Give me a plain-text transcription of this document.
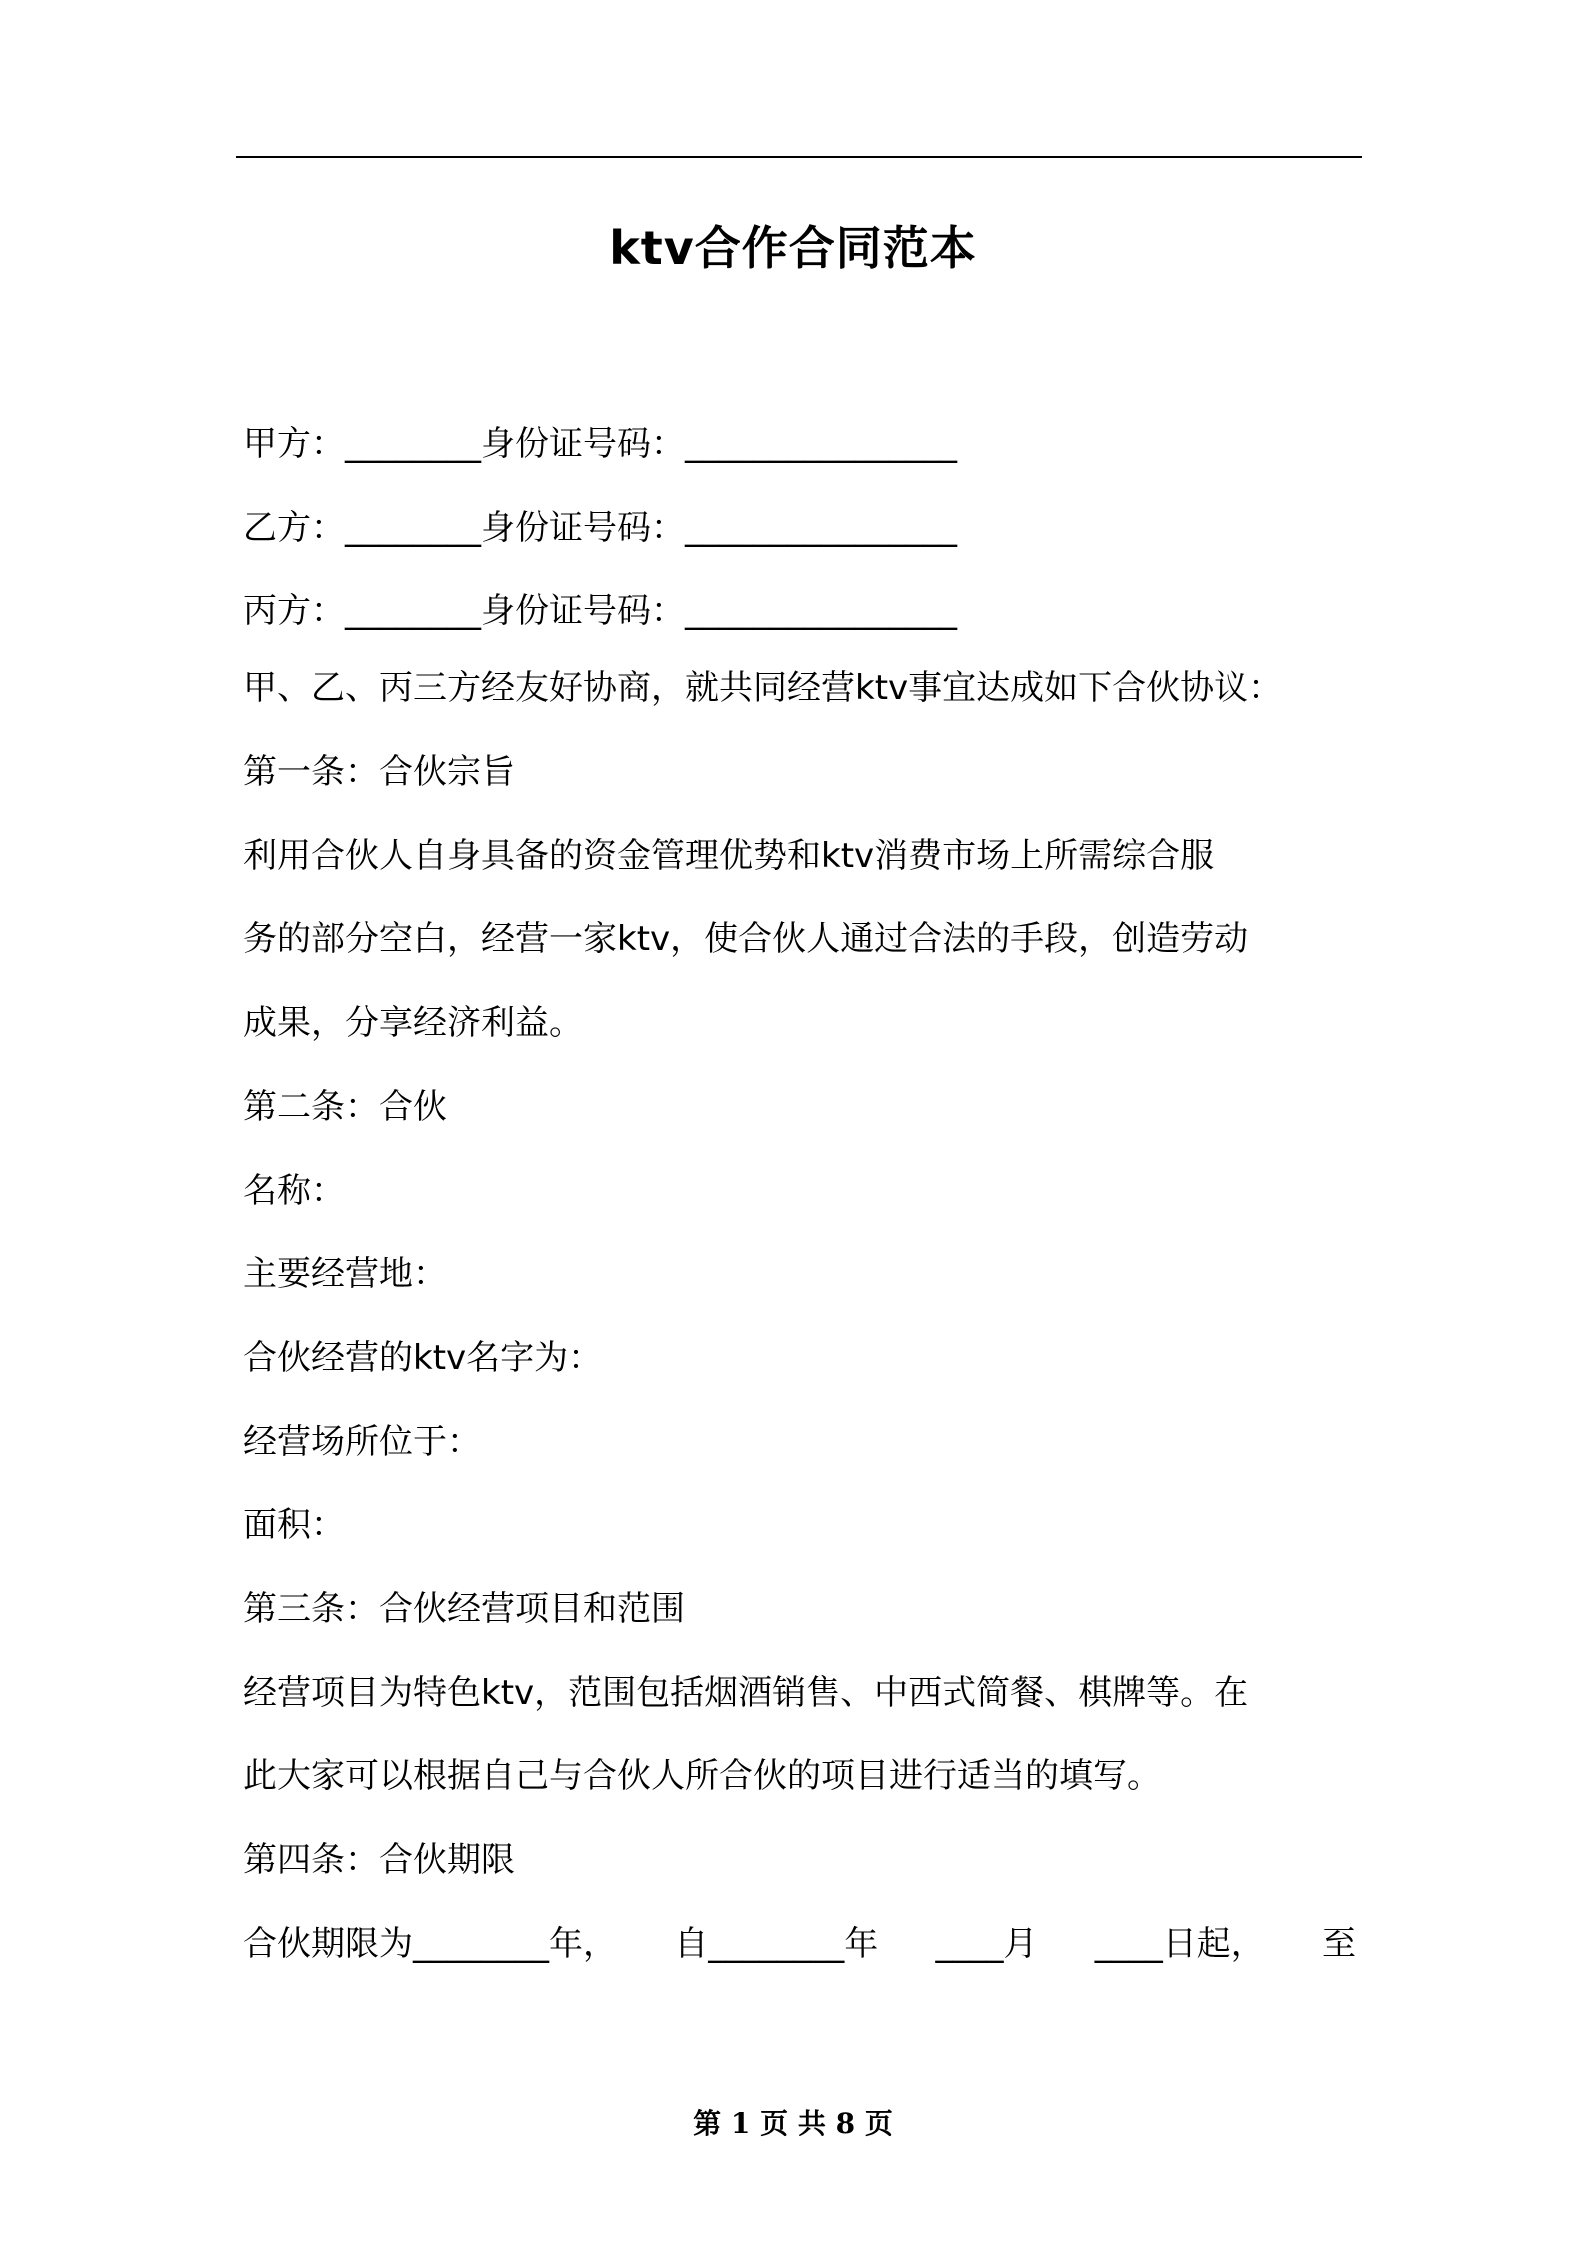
ktv合作合同范本
甲方：________身份证号码：________________
乙方：________身份证号码：________________
丙方：________身份证号码：________________
甲、乙、丙三方经友好协商，就共同经营ktv事宜达成如下合伙协议：
第一条：合伙宗旨
利用合伙人自身具备的资金管理优势和ktv消费市场上所需综合服
务的部分空白，经营一家ktv，使合伙人通过合法的手段，创造劳动
成果，分享经济利益。
第二条：合伙
名称：
主要经营地：
合伙经营的ktv名字为：
经营场所位于：
面积：
第三条：合伙经营项目和范围
经营项目为特色ktv，范围包括烟酒销售、中西式简餐、棋牌等。在
此大家可以根据自己与合伙人所合伙的项目进行适当的填写。
第四条：合伙期限
合伙期限为________年， 自________年 ____月 ____日起， 至
第 1 页 共 8 页
